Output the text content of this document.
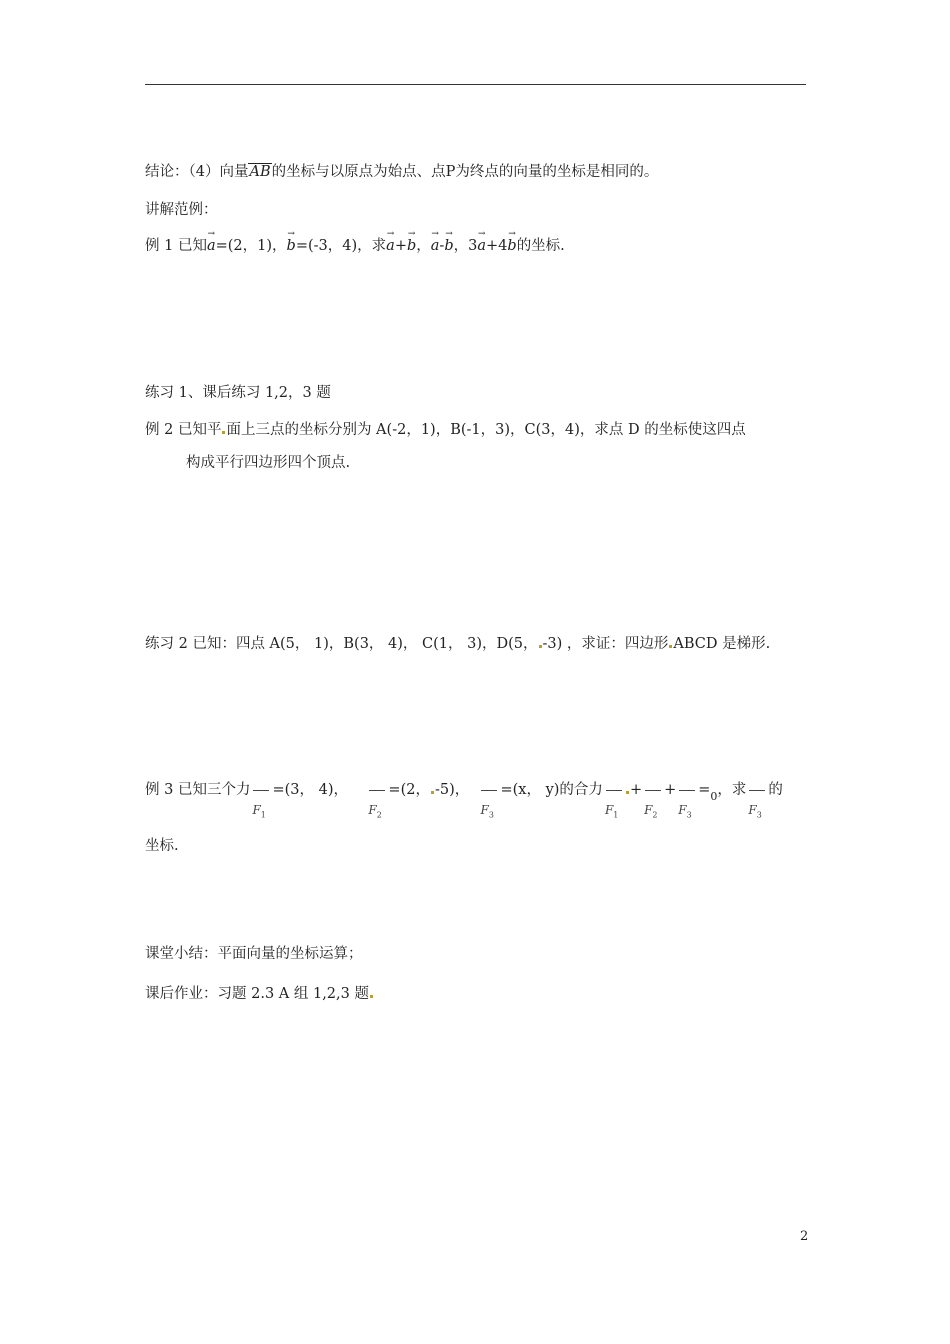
结论：（4）向量AB的坐标与以原点为始点、点P为终点的向量的坐标是相同的。
讲解范例：
例 1 已知
→
a=(2，1)，
→
b=(-3，4)，求
→
a+
→
b，
→
a-
→
b，3
→
a+4
→
b的坐标.
练习 1、课后练习 1,2，3 题
例 2 已知平 面上三点的坐标分别为 A(-2，1)，B(-1，3)，C(3，4)，求点 D 的坐标使这四点
构成平行四边形四个顶点.
练习 2 已知：四点 A(5， 1)，B(3， 4)， C(1， 3)，D(5， -3) ，求证：四边形 ABCD 是梯形.
例 3 已知三个力
$F_1$
=(3， 4)，
$F_2$
=(2， -5)，
$F_3$
=(x， y)的合力
$F_1$
+
$F_2$
+
$F_3$
$=_0$，求
$F_3$
的
坐标.
课堂小结：平面向量的坐标运算；
课后作业：习题 2.3 A 组 1,2,3 题
2
